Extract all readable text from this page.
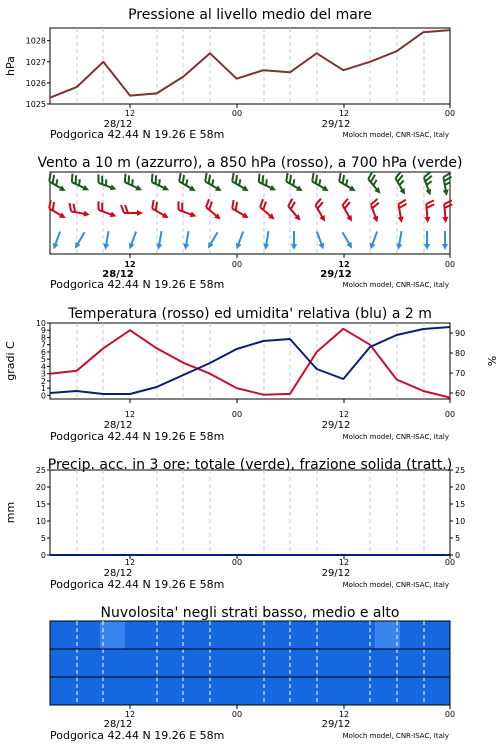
Pressione al livello medio del mare
12	00	12	00
28/12	29/12
Podgorica 42.44 N 19.26 E 58m	Moloch model, CNR-ISAC, Italy
1025
1026
1027
1028
hPa
Vento a 10 m (azzurro), a 850 hPa (rosso), a 700 hPa (verde)
12	00	12	00
28/12	29/12
Podgorica 42.44 N 19.26 E 58m	Moloch model, CNR-ISAC, Italy
Temperatura (rosso) ed umidita' relativa (blu) a 2 m
12	00	12	00
28/12	29/12
Podgorica 42.44 N 19.26 E 58m	Moloch model, CNR-ISAC, Italy
0
1
2
3
4
5
6
7
8
9
10
60
70
80
90
gradi C	%
Precip. acc. in 3 ore: totale (verde), frazione solida (tratt.)
12	00	12	00
28/12	29/12
Podgorica 42.44 N 19.26 E 58m	Moloch model, CNR-ISAC, Italy
0
5
10
15
20
25
0
5
10
15
20
25
mm
Nuvolosita' negli strati basso, medio e alto
12	00	12	00
28/12	29/12
Podgorica 42.44 N 19.26 E 58m	Moloch model, CNR-ISAC, Italy
